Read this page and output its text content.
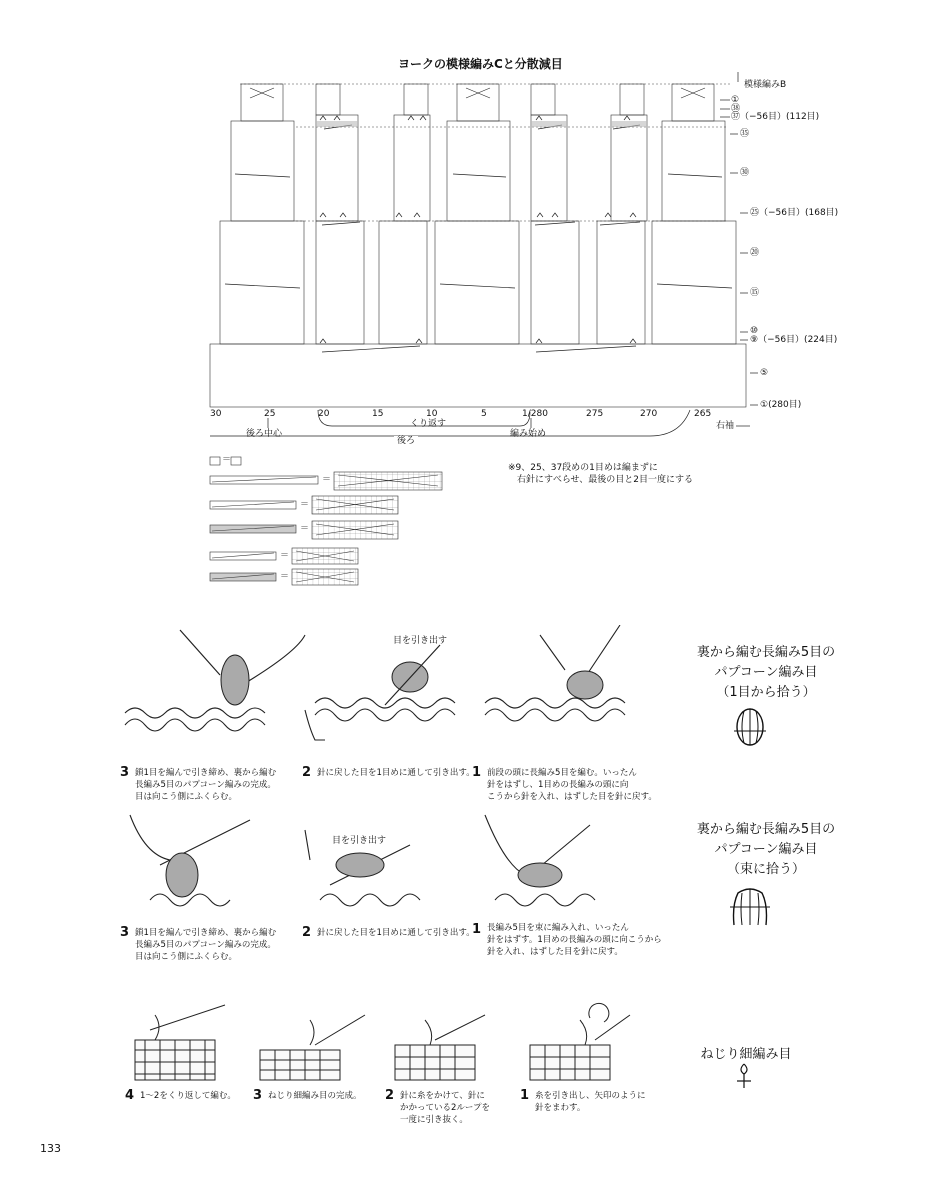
ヨークの模様編みCと分散減目
模様編みB
①
㊳
㊲（−56目）(112目)
㉟
㉚
㉕（−56目）(168目)
⑳
⑮
⑩
⑨（−56目）(224目)
⑤
①(280目)
30	25	20	15	10	5	1/280	275	270	265
後ろ中心
くり返す
編み始め
後ろ
右袖
＝
＝
＝
＝
＝
＝
※9、25、37段めの1目めは編まずに
右針にすべらせ、最後の目と2目一度にする
裏から編む長編み5目の
パプコーン編み目
（1目から拾う）
目を引き出す
3 鎖1目を編んで引き締め、裏から編む
長編み5目のパプコーン編みの完成。
目は向こう側にふくらむ。
2 針に戻した目を1目めに通して引き出す。
1 前段の頭に長編み5目を編む。いったん
針をはずし、1目めの長編みの頭に向
こうから針を入れ、はずした目を針に戻す。
裏から編む長編み5目の
パプコーン編み目
（束に拾う）
目を引き出す
3 鎖1目を編んで引き締め、裏から編む
長編み5目のパプコーン編みの完成。
目は向こう側にふくらむ。
2 針に戻した目を1目めに通して引き出す。
1 長編み5目を束に編み入れ、いったん
針をはずす。1目めの長編みの頭に向こうから
針を入れ、はずした目を針に戻す。
ねじり細編み目
4 1〜2をくり返して編む。 3 ねじり細編み目の完成。 2 針に糸をかけて、針に
かかっている2ループを
一度に引き抜く。
1 糸を引き出し、矢印のように
針をまわす。
133
